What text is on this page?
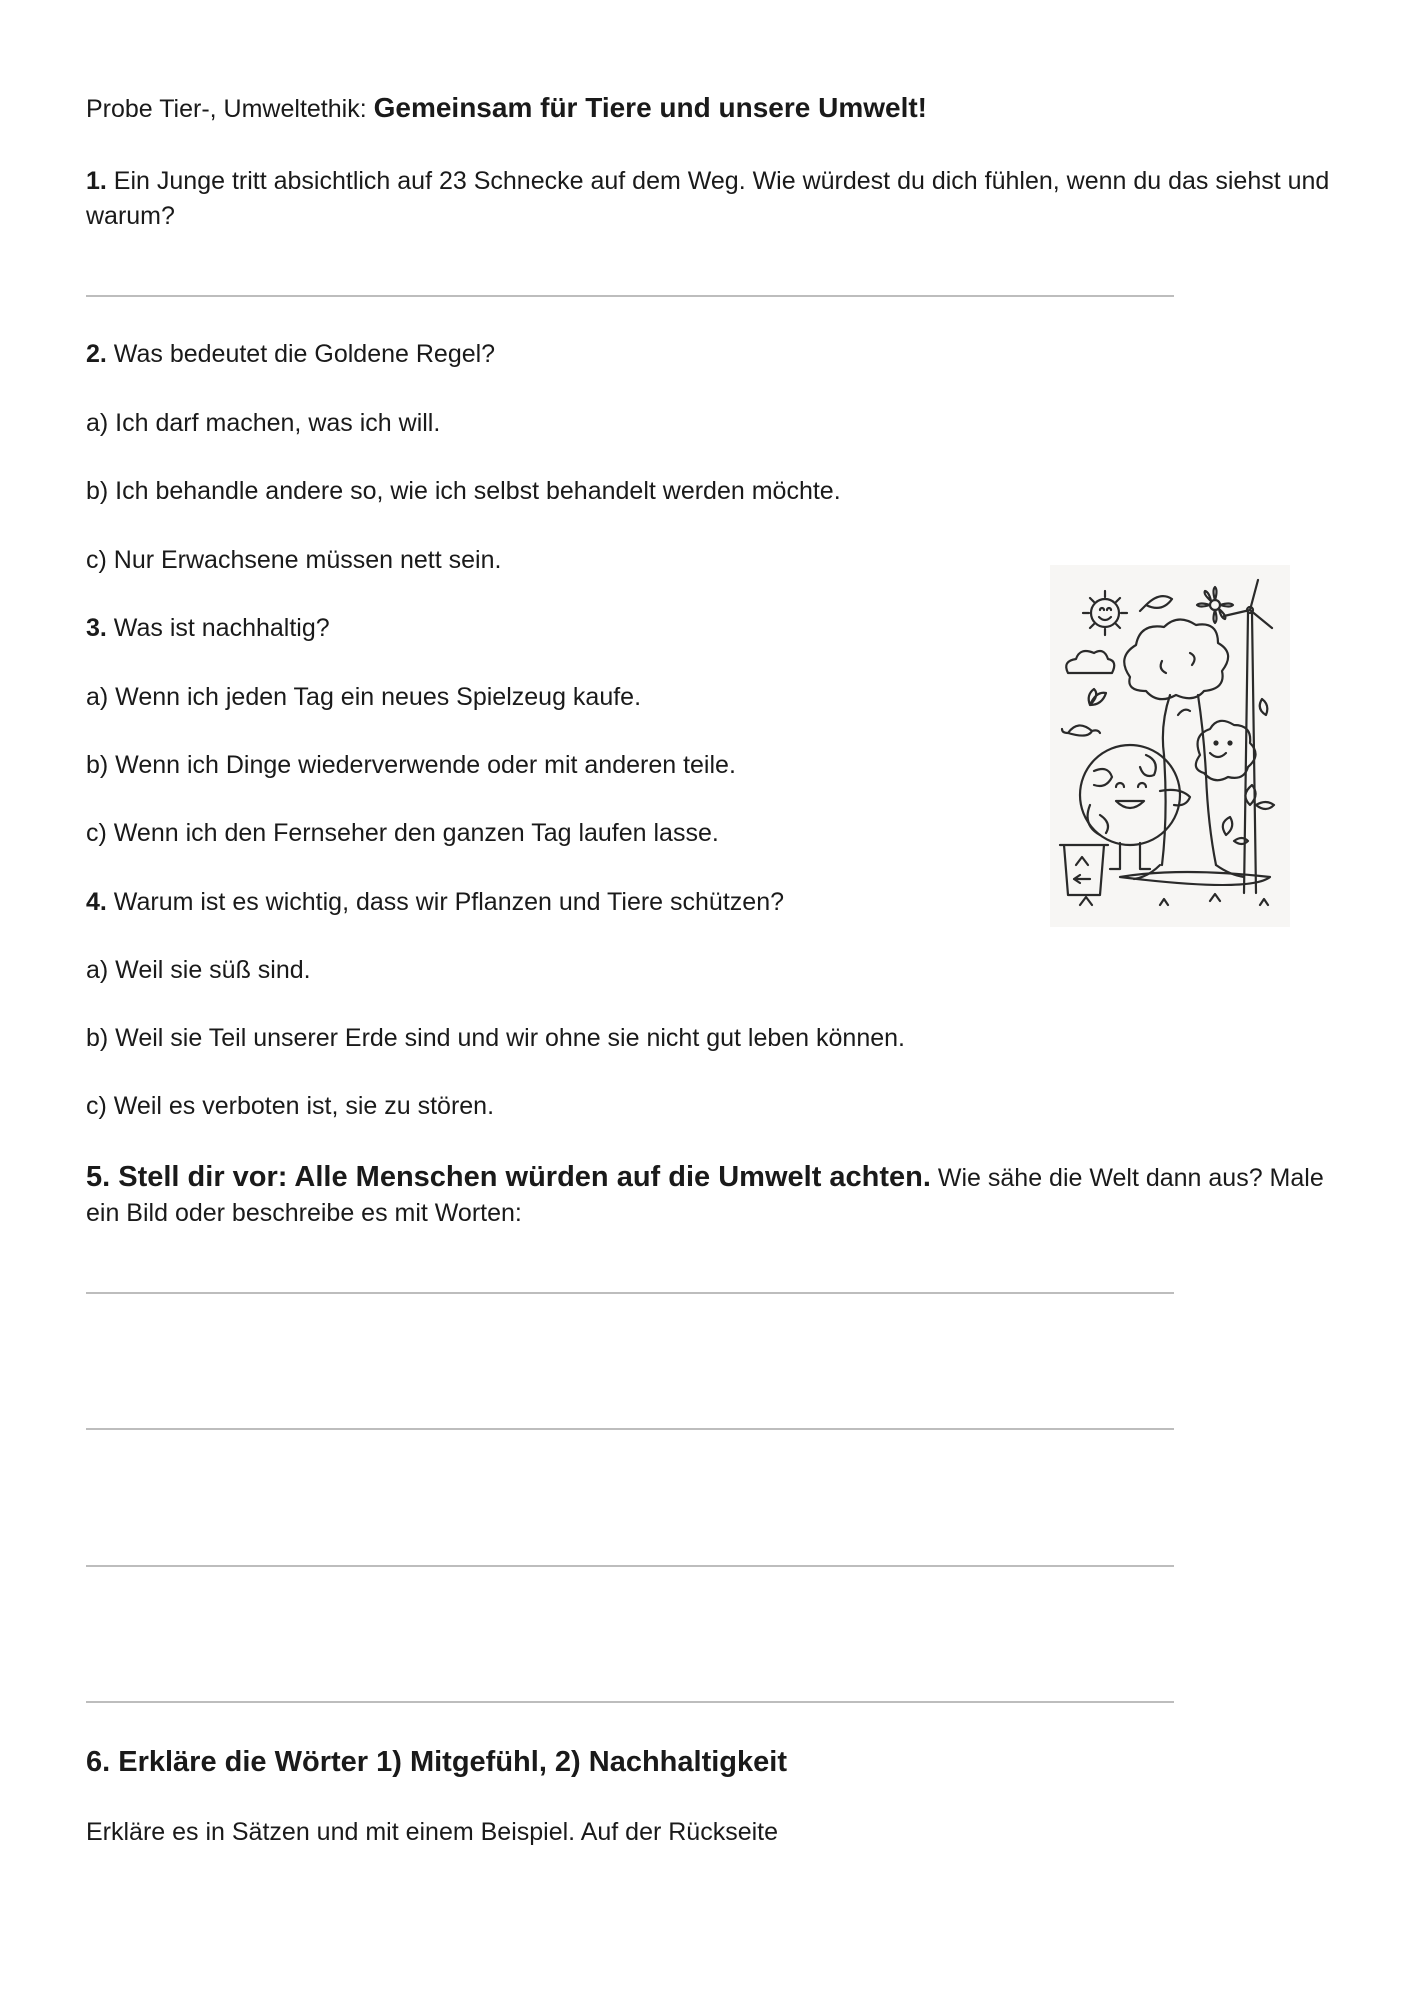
Probe Tier-, Umweltethik: Gemeinsam für Tiere und unsere Umwelt!

1. Ein Junge tritt absichtlich auf 23 Schnecke auf dem Weg. Wie würdest du dich fühlen, wenn du das siehst und warum?

2. Was bedeutet die Goldene Regel?

a) Ich darf machen, was ich will.

b) Ich behandle andere so, wie ich selbst behandelt werden möchte.

c) Nur Erwachsene müssen nett sein.

3. Was ist nachhaltig?

a) Wenn ich jeden Tag ein neues Spielzeug kaufe.

b) Wenn ich Dinge wiederverwende oder mit anderen teile.

c) Wenn ich den Fernseher den ganzen Tag laufen lasse.

4. Warum ist es wichtig, dass wir Pflanzen und Tiere schützen?

a) Weil sie süß sind.

b) Weil sie Teil unserer Erde sind und wir ohne sie nicht gut leben können.

c) Weil es verboten ist, sie zu stören.

5. Stell dir vor: Alle Menschen würden auf die Umwelt achten. Wie sähe die Welt dann aus? Male ein Bild oder beschreibe es mit Worten:

6. Erkläre die Wörter 1) Mitgefühl, 2) Nachhaltigkeit

Erkläre es in Sätzen und mit einem Beispiel. Auf der Rückseite
